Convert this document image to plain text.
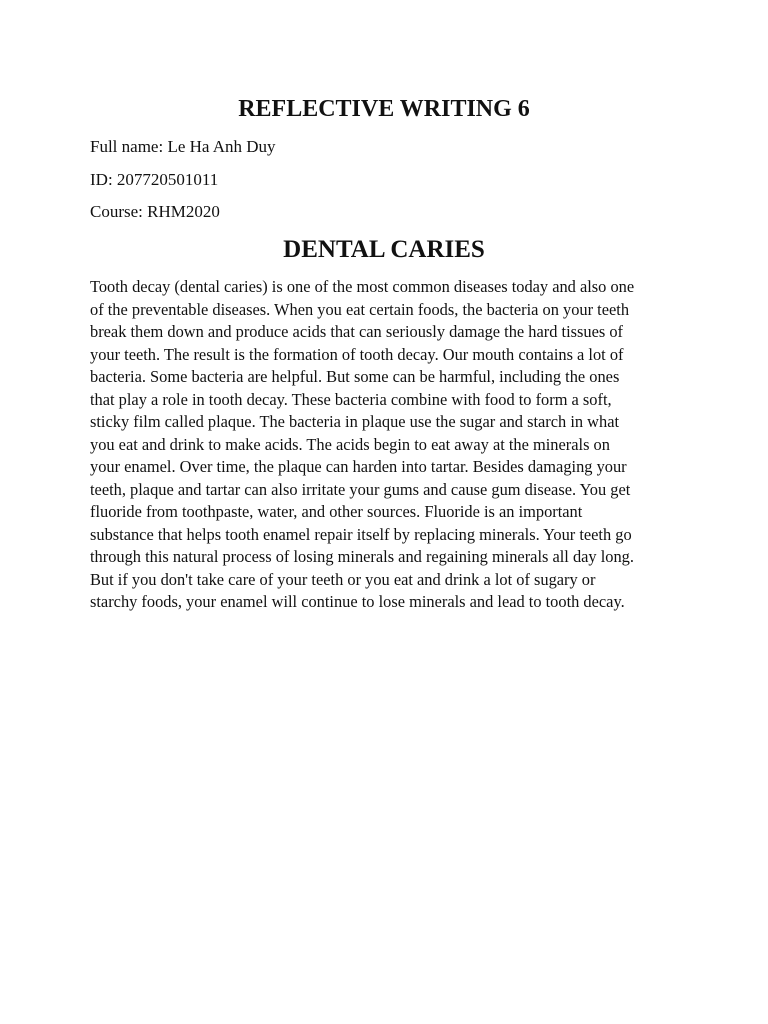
REFLECTIVE WRITING 6

Full name: Le Ha Anh Duy

ID: 207720501011

Course: RHM2020

DENTAL CARIES

Tooth decay (dental caries) is one of the most common diseases today and also one
of the preventable diseases. When you eat certain foods, the bacteria on your teeth
break them down and produce acids that can seriously damage the hard tissues of
your teeth. The result is the formation of tooth decay. Our mouth contains a lot of
bacteria. Some bacteria are helpful. But some can be harmful, including the ones
that play a role in tooth decay. These bacteria combine with food to form a soft,
sticky film called plaque. The bacteria in plaque use the sugar and starch in what
you eat and drink to make acids. The acids begin to eat away at the minerals on
your enamel. Over time, the plaque can harden into tartar. Besides damaging your
teeth, plaque and tartar can also irritate your gums and cause gum disease. You get
fluoride from toothpaste, water, and other sources. Fluoride is an important
substance that helps tooth enamel repair itself by replacing minerals. Your teeth go
through this natural process of losing minerals and regaining minerals all day long.
But if you don't take care of your teeth or you eat and drink a lot of sugary or
starchy foods, your enamel will continue to lose minerals and lead to tooth decay.
